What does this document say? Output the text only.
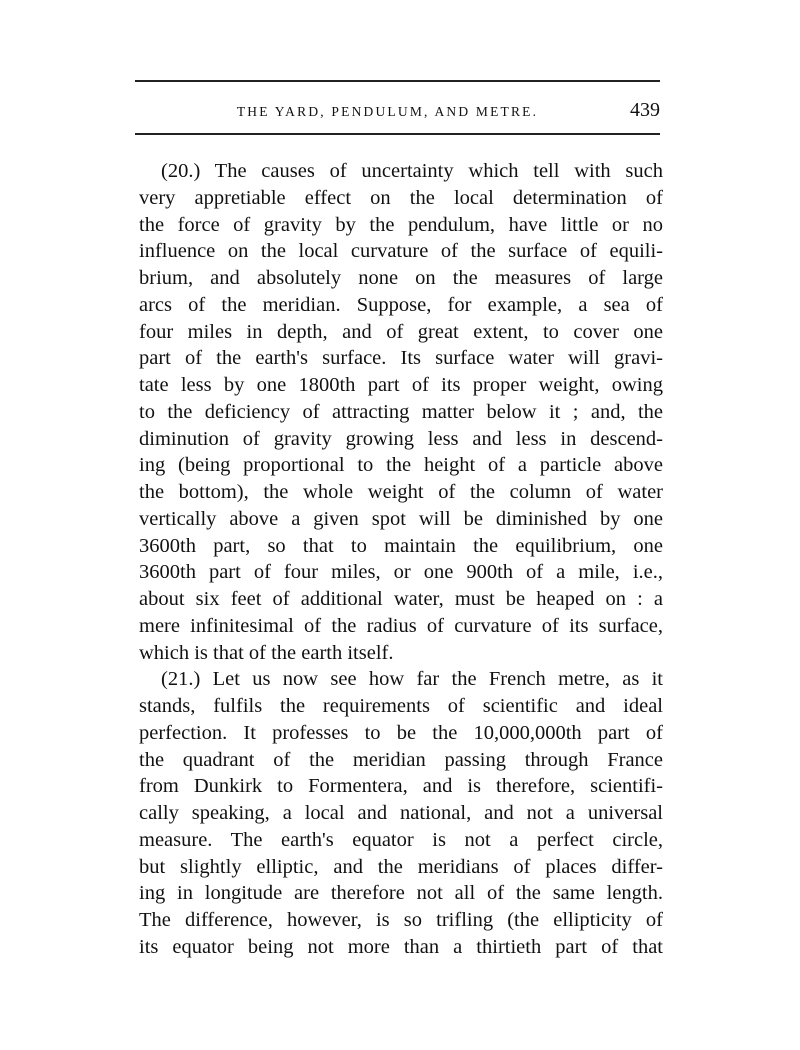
THE YARD, PENDULUM, AND METRE.	439
(20.) The causes of uncertainty which tell with such
very appretiable effect on the local determination of
the force of gravity by the pendulum, have little or no
influence on the local curvature of the surface of equili-
brium, and absolutely none on the measures of large
arcs of the meridian. Suppose, for example, a sea of
four miles in depth, and of great extent, to cover one
part of the earth's surface. Its surface water will gravi-
tate less by one 1800th part of its proper weight, owing
to the deficiency of attracting matter below it ; and, the
diminution of gravity growing less and less in descend-
ing (being proportional to the height of a particle above
the bottom), the whole weight of the column of water
vertically above a given spot will be diminished by one
3600th part, so that to maintain the equilibrium, one
3600th part of four miles, or one 900th of a mile, i.e.,
about six feet of additional water, must be heaped on : a
mere infinitesimal of the radius of curvature of its surface,
which is that of the earth itself.
(21.) Let us now see how far the French metre, as it
stands, fulfils the requirements of scientific and ideal
perfection. It professes to be the 10,000,000th part of
the quadrant of the meridian passing through France
from Dunkirk to Formentera, and is therefore, scientifi-
cally speaking, a local and national, and not a universal
measure. The earth's equator is not a perfect circle,
but slightly elliptic, and the meridians of places differ-
ing in longitude are therefore not all of the same length.
The difference, however, is so trifling (the ellipticity of
its equator being not more than a thirtieth part of that
